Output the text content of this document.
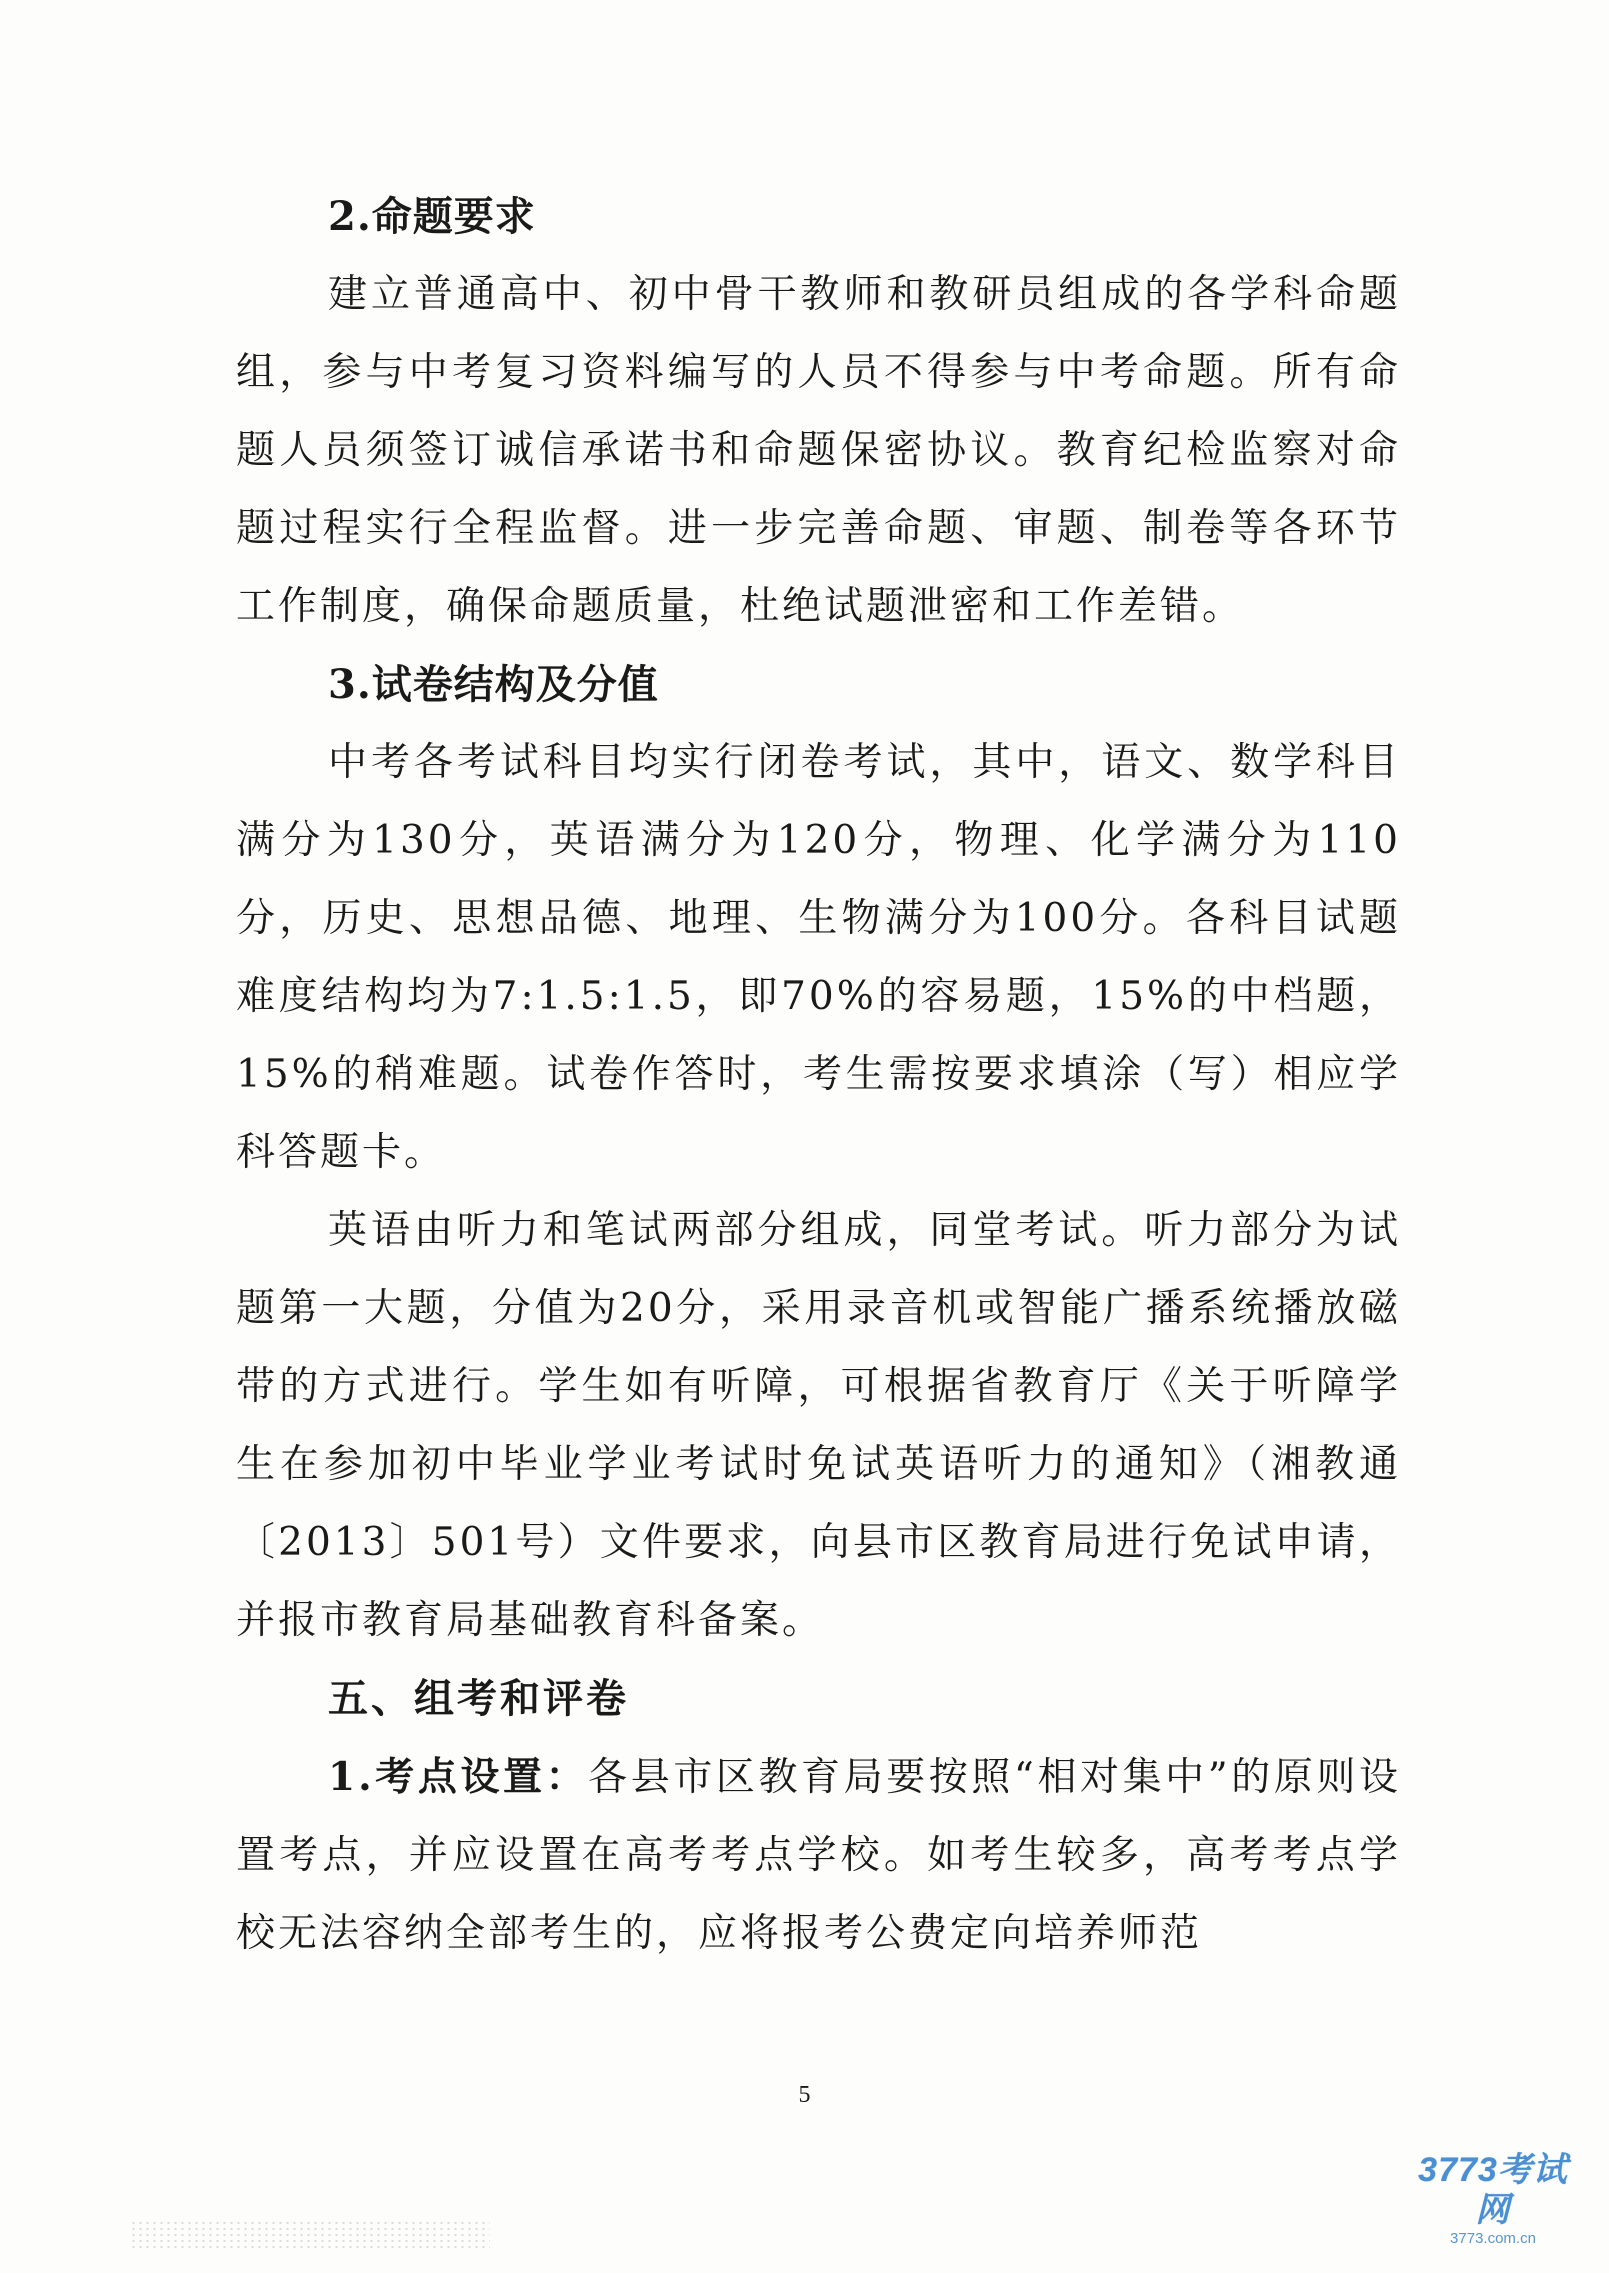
2.命题要求

建立普通高中、初中骨干教师和教研员组成的各学科命题组，参与中考复习资料编写的人员不得参与中考命题。所有命题人员须签订诚信承诺书和命题保密协议。教育纪检监察对命题过程实行全程监督。进一步完善命题、审题、制卷等各环节工作制度，确保命题质量，杜绝试题泄密和工作差错。

3.试卷结构及分值

中考各考试科目均实行闭卷考试，其中，语文、数学科目满分为130分，英语满分为120分，物理、化学满分为110分，历史、思想品德、地理、生物满分为100分。各科目试题难度结构均为7:1.5:1.5，即70%的容易题，15%的中档题，15%的稍难题。试卷作答时，考生需按要求填涂（写）相应学科答题卡。

英语由听力和笔试两部分组成，同堂考试。听力部分为试题第一大题，分值为20分，采用录音机或智能广播系统播放磁带的方式进行。学生如有听障，可根据省教育厅《关于听障学生在参加初中毕业学业考试时免试英语听力的通知》（湘教通〔2013〕501号）文件要求，向县市区教育局进行免试申请，并报市教育局基础教育科备案。

五、组考和评卷

1.考点设置：各县市区教育局要按照“相对集中”的原则设置考点，并应设置在高考考点学校。如考生较多，高考考点学校无法容纳全部考生的，应将报考公费定向培养师范

5
3773考试网
3773.com.cn
